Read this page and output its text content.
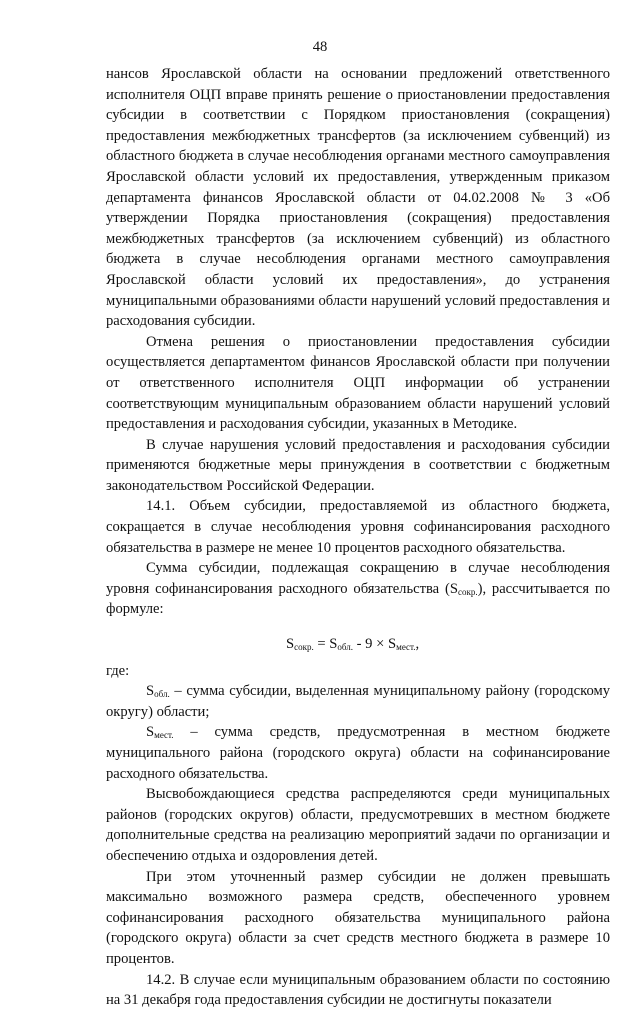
48

нансов Ярославской области на основании предложений ответственного исполнителя ОЦП вправе принять решение о приостановлении предоставления субсидии в соответствии с Порядком приостановления (сокращения) предоставления межбюджетных трансфертов (за исключением субвенций) из областного бюджета в случае несоблюдения органами местного самоуправления Ярославской области условий их предоставления, утвержденным приказом департамента финансов Ярославской области от 04.02.2008 № 3 «Об утверждении Порядка приостановления (сокращения) предоставления межбюджетных трансфертов (за исключением субвенций) из областного бюджета в случае несоблюдения органами местного самоуправления Ярославской области условий их предоставления», до устранения муниципальными образованиями области нарушений условий предоставления и расходования субсидии.

Отмена решения о приостановлении предоставления субсидии осуществляется департаментом финансов Ярославской области при получении от ответственного исполнителя ОЦП информации об устранении соответствующим муниципальным образованием области нарушений условий предоставления и расходования субсидии, указанных в Методике.

В случае нарушения условий предоставления и расходования субсидии применяются бюджетные меры принуждения в соответствии с бюджетным законодательством Российской Федерации.

14.1. Объем субсидии, предоставляемой из областного бюджета, сокращается в случае несоблюдения уровня софинансирования расходного обязательства в размере не менее 10 процентов расходного обязательства.

Сумма субсидии, подлежащая сокращению в случае несоблюдения уровня софинансирования расходного обязательства $(S_{сокр.})$, рассчитывается по формуле:

$S_{сокр.} = S_{обл.} - 9 \times S_{мест.}$,

где:

$S_{обл.}$ – сумма субсидии, выделенная муниципальному району (городскому округу) области;

$S_{мест.}$ – сумма средств, предусмотренная в местном бюджете муниципального района (городского округа) области на софинансирование расходного обязательства.

Высвобождающиеся средства распределяются среди муниципальных районов (городских округов) области, предусмотревших в местном бюджете дополнительные средства на реализацию мероприятий задачи по организации и обеспечению отдыха и оздоровления детей.

При этом уточненный размер субсидии не должен превышать максимально возможного размера средств, обеспеченного уровнем софинансирования расходного обязательства муниципального района (городского округа) области за счет средств местного бюджета в размере 10 процентов.

14.2. В случае если муниципальным образованием области по состоянию на 31 декабря года предоставления субсидии не достигнуты показатели
